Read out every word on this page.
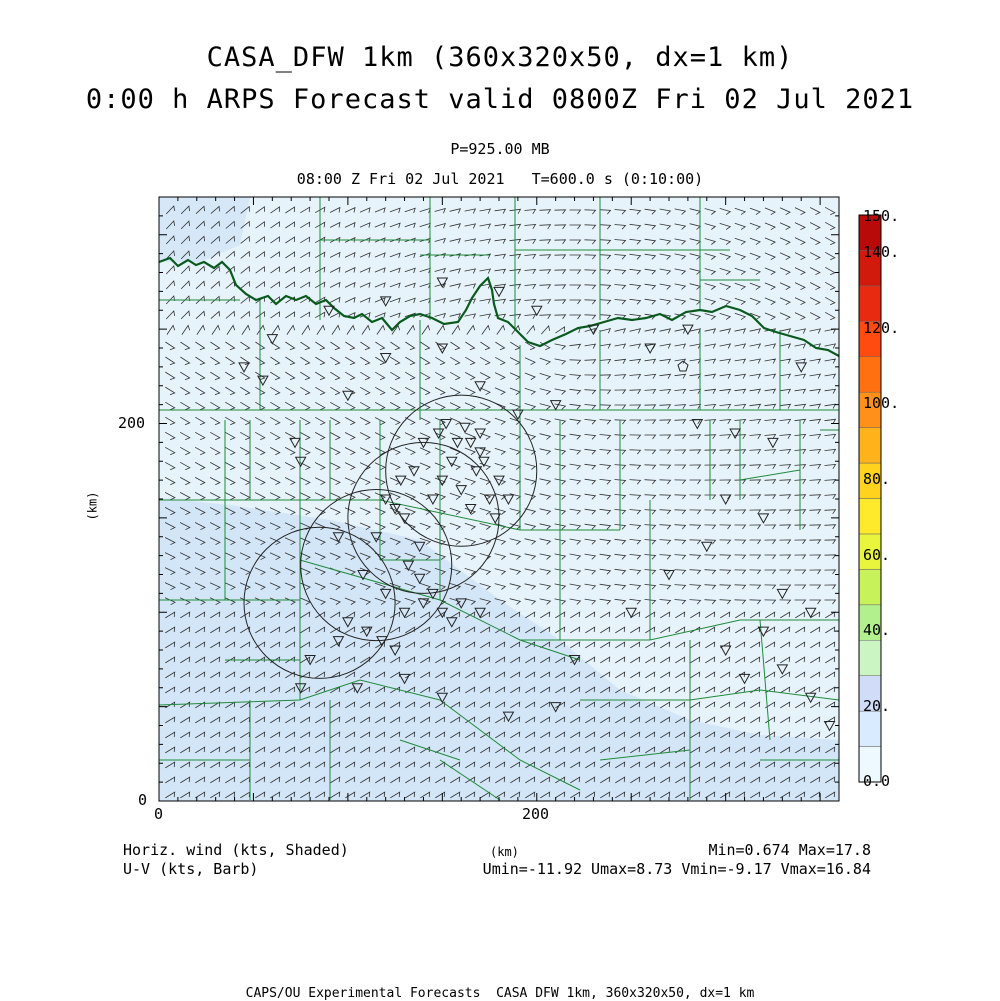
CASA_DFW 1km (360x320x50, dx=1 km)
0:00 h ARPS Forecast valid 0800Z Fri 02 Jul 2021
P=925.00 MB
08:00 Z Fri 02 Jul 2021   T=600.0 s (0:10:00)
200
0
0	200
(km)
0.0
20.
40.
60.
80.
100.
120.
140.
150.
Horiz. wind (kts, Shaded)
U-V (kts, Barb)
(km)	Min=0.674 Max=17.8
Umin=-11.92 Umax=8.73 Vmin=-9.17 Vmax=16.84
CAPS/OU Experimental Forecasts  CASA DFW 1km, 360x320x50, dx=1 km
